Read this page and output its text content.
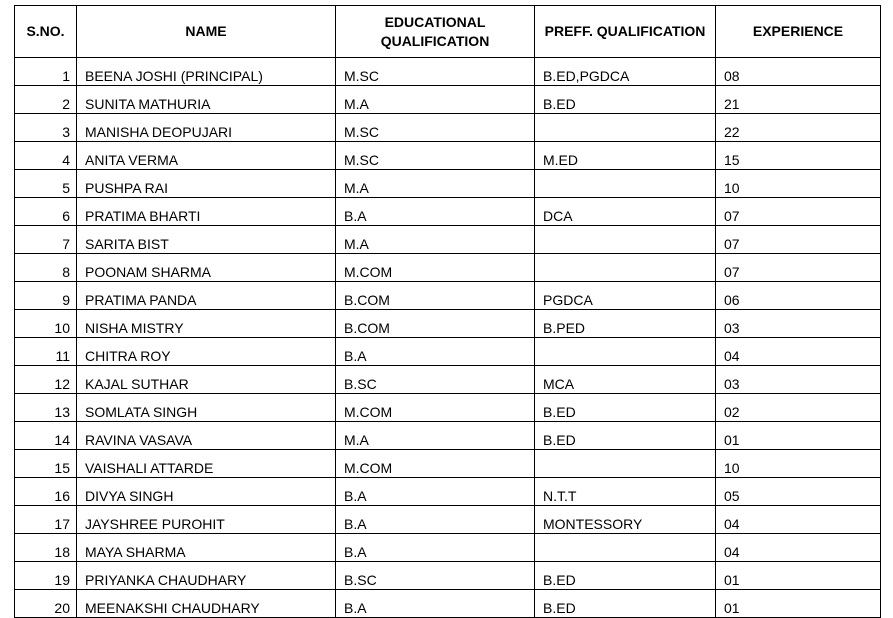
S.NO.	NAME	EDUCATIONAL QUALIFICATION	PREFF. QUALIFICATION	EXPERIENCE
1	BEENA JOSHI (PRINCIPAL)	M.SC	B.ED,PGDCA	08
2	SUNITA MATHURIA	M.A	B.ED	21
3	MANISHA DEOPUJARI	M.SC		22
4	ANITA VERMA	M.SC	M.ED	15
5	PUSHPA RAI	M.A		10
6	PRATIMA BHARTI	B.A	DCA	07
7	SARITA BIST	M.A		07
8	POONAM SHARMA	M.COM		07
9	PRATIMA PANDA	B.COM	PGDCA	06
10	NISHA MISTRY	B.COM	B.PED	03
11	CHITRA ROY	B.A		04
12	KAJAL SUTHAR	B.SC	MCA	03
13	SOMLATA SINGH	M.COM	B.ED	02
14	RAVINA VASAVA	M.A	B.ED	01
15	VAISHALI ATTARDE	M.COM		10
16	DIVYA SINGH	B.A	N.T.T	05
17	JAYSHREE PUROHIT	B.A	MONTESSORY	04
18	MAYA SHARMA	B.A		04
19	PRIYANKA CHAUDHARY	B.SC	B.ED	01
20	MEENAKSHI CHAUDHARY	B.A	B.ED	01
